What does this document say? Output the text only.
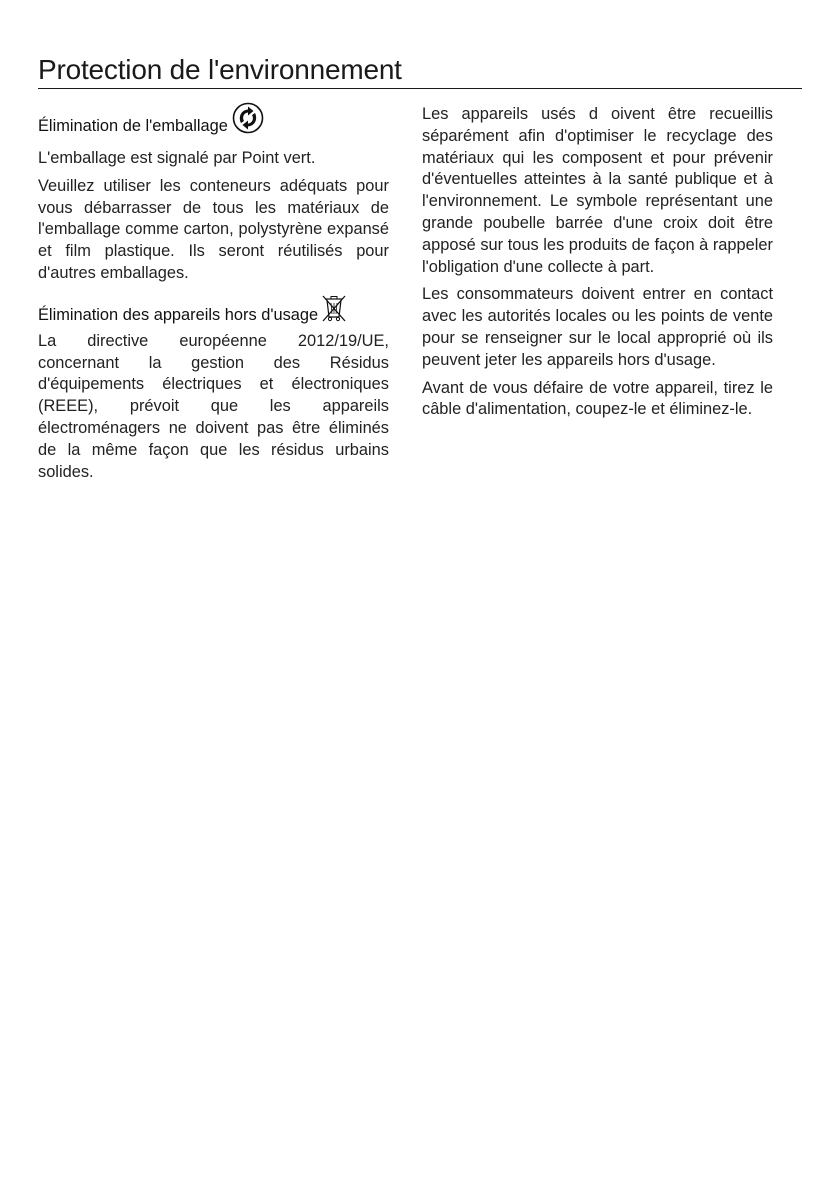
Protection de l'environnement
Élimination de l'emballage

L'emballage est signalé par Point vert.

Veuillez utiliser les conteneurs adéquats pour vous débarrasser de tous les matériaux de l'emballage comme carton, polystyrène expansé et film plastique. Ils seront réutilisés pour d'autres emballages.

Élimination des appareils hors d'usage

La directive européenne 2012/19/UE, concernant la gestion des Résidus d'équipements électriques et électroniques (REEE), prévoit que les appareils électroménagers ne doivent pas être éliminés de la même façon que les résidus urbains solides.

Les appareils usés d oivent être recueillis séparément afin d'optimiser le recyclage des matériaux qui les composent et pour prévenir d'éventuelles atteintes à la santé publique et à l'environnement. Le symbole représentant une grande poubelle barrée d'une croix doit être apposé sur tous les produits de façon à rappeler l'obligation d'une collecte à part.

Les consommateurs doivent entrer en contact avec les autorités locales ou les points de vente pour se renseigner sur le local approprié où ils peuvent jeter les appareils hors d'usage.

Avant de vous défaire de votre appareil, tirez le câble d'alimentation, coupez-le et éliminez-le.
